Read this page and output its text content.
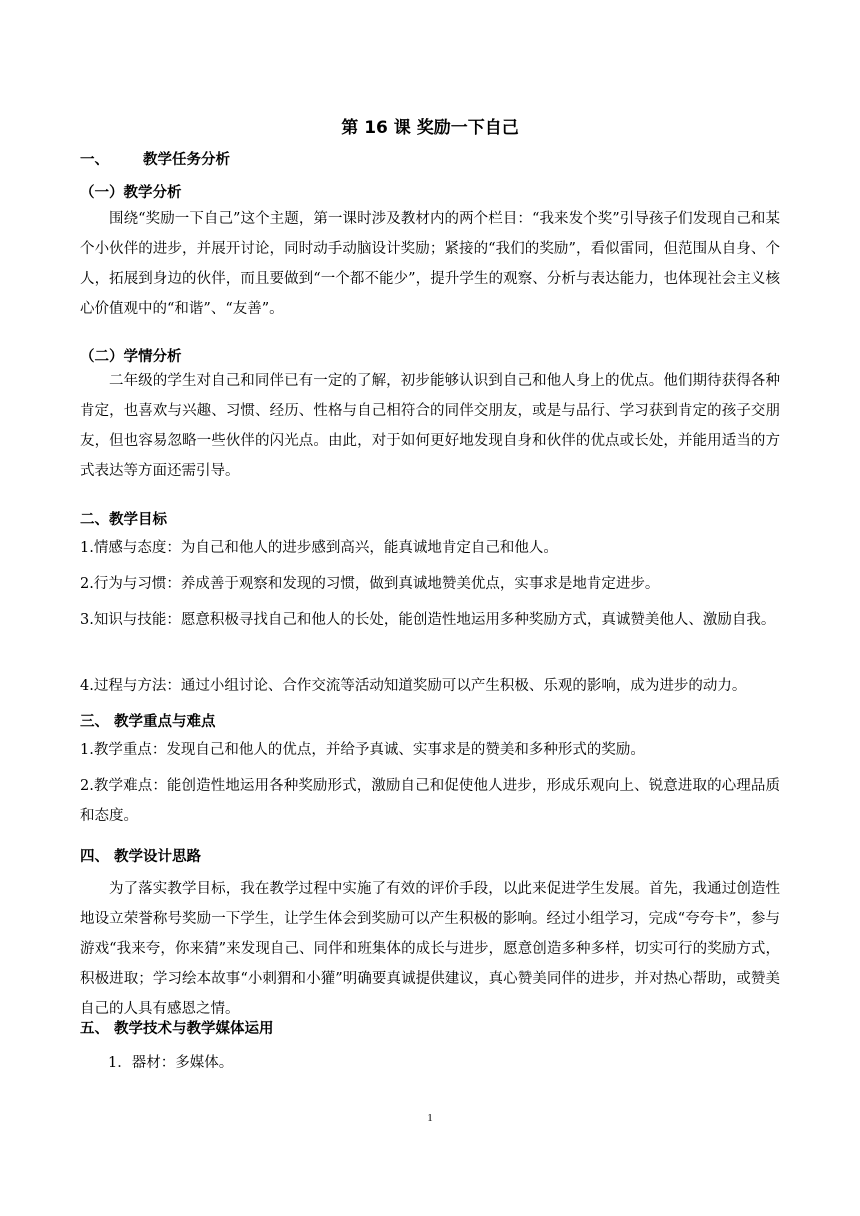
第 16 课 奖励一下自己
一、 教学任务分析
（一）教学分析
围绕“奖励一下自己”这个主题，第一课时涉及教材内的两个栏目：“我来发个奖”引导孩子们发现自己和某个小伙伴的进步，并展开讨论，同时动手动脑设计奖励；紧接的“我们的奖励”，看似雷同，但范围从自身、个人，拓展到身边的伙伴，而且要做到“一个都不能少”，提升学生的观察、分析与表达能力，也体现社会主义核心价值观中的“和谐”、“友善”。
（二）学情分析
二年级的学生对自己和同伴已有一定的了解，初步能够认识到自己和他人身上的优点。他们期待获得各种肯定，也喜欢与兴趣、习惯、经历、性格与自己相符合的同伴交朋友，或是与品行、学习获到肯定的孩子交朋友，但也容易忽略一些伙伴的闪光点。由此，对于如何更好地发现自身和伙伴的优点或长处，并能用适当的方式表达等方面还需引导。
二、教学目标
1.情感与态度：为自己和他人的进步感到高兴，能真诚地肯定自己和他人。
2.行为与习惯：养成善于观察和发现的习惯，做到真诚地赞美优点，实事求是地肯定进步。
3.知识与技能：愿意积极寻找自己和他人的长处，能创造性地运用多种奖励方式，真诚赞美他人、激励自我。
4.过程与方法：通过小组讨论、合作交流等活动知道奖励可以产生积极、乐观的影响，成为进步的动力。
三、 教学重点与难点
1.教学重点：发现自己和他人的优点，并给予真诚、实事求是的赞美和多种形式的奖励。
2.教学难点：能创造性地运用各种奖励形式，激励自己和促使他人进步，形成乐观向上、锐意进取的心理品质和态度。
四、 教学设计思路
为了落实教学目标，我在教学过程中实施了有效的评价手段，以此来促进学生发展。首先，我通过创造性地设立荣誉称号奖励一下学生，让学生体会到奖励可以产生积极的影响。经过小组学习，完成“夸夸卡”，参与游戏“我来夸，你来猜”来发现自己、同伴和班集体的成长与进步，愿意创造多种多样，切实可行的奖励方式，积极进取；学习绘本故事“小刺猬和小獾”明确要真诚提供建议，真心赞美同伴的进步，并对热心帮助，或赞美自己的人具有感恩之情。
五、 教学技术与教学媒体运用
1．器材：多媒体。
1
